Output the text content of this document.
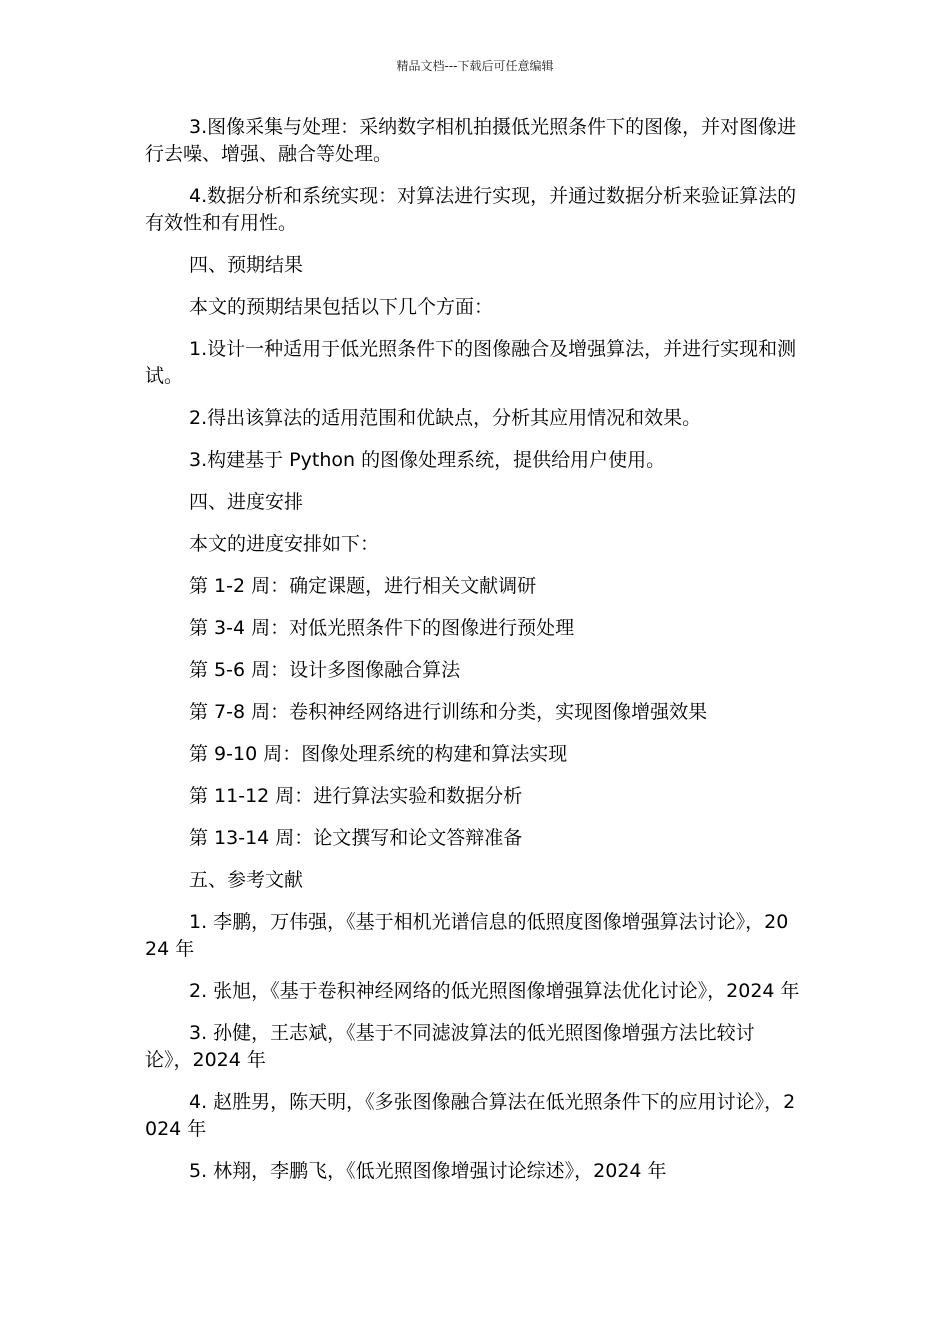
精品文档---下载后可任意编辑

3.图像采集与处理：采纳数字相机拍摄低光照条件下的图像，并对图像进行去噪、增强、融合等处理。

4.数据分析和系统实现：对算法进行实现，并通过数据分析来验证算法的有效性和有用性。

四、预期结果

本文的预期结果包括以下几个方面：

1.设计一种适用于低光照条件下的图像融合及增强算法，并进行实现和测试。

2.得出该算法的适用范围和优缺点，分析其应用情况和效果。

3.构建基于 Python 的图像处理系统，提供给用户使用。

四、进度安排

本文的进度安排如下：

第 1-2 周：确定课题，进行相关文献调研

第 3-4 周：对低光照条件下的图像进行预处理

第 5-6 周：设计多图像融合算法

第 7-8 周：卷积神经网络进行训练和分类，实现图像增强效果

第 9-10 周：图像处理系统的构建和算法实现

第 11-12 周：进行算法实验和数据分析

第 13-14 周：论文撰写和论文答辩准备

五、参考文献

1. 李鹏，万伟强，《基于相机光谱信息的低照度图像增强算法讨论》，2024 年

2. 张旭，《基于卷积神经网络的低光照图像增强算法优化讨论》，2024 年

3. 孙健，王志斌，《基于不同滤波算法的低光照图像增强方法比较讨论》，2024 年

4. 赵胜男，陈天明，《多张图像融合算法在低光照条件下的应用讨论》，2024 年

5. 林翔，李鹏飞，《低光照图像增强讨论综述》，2024 年
